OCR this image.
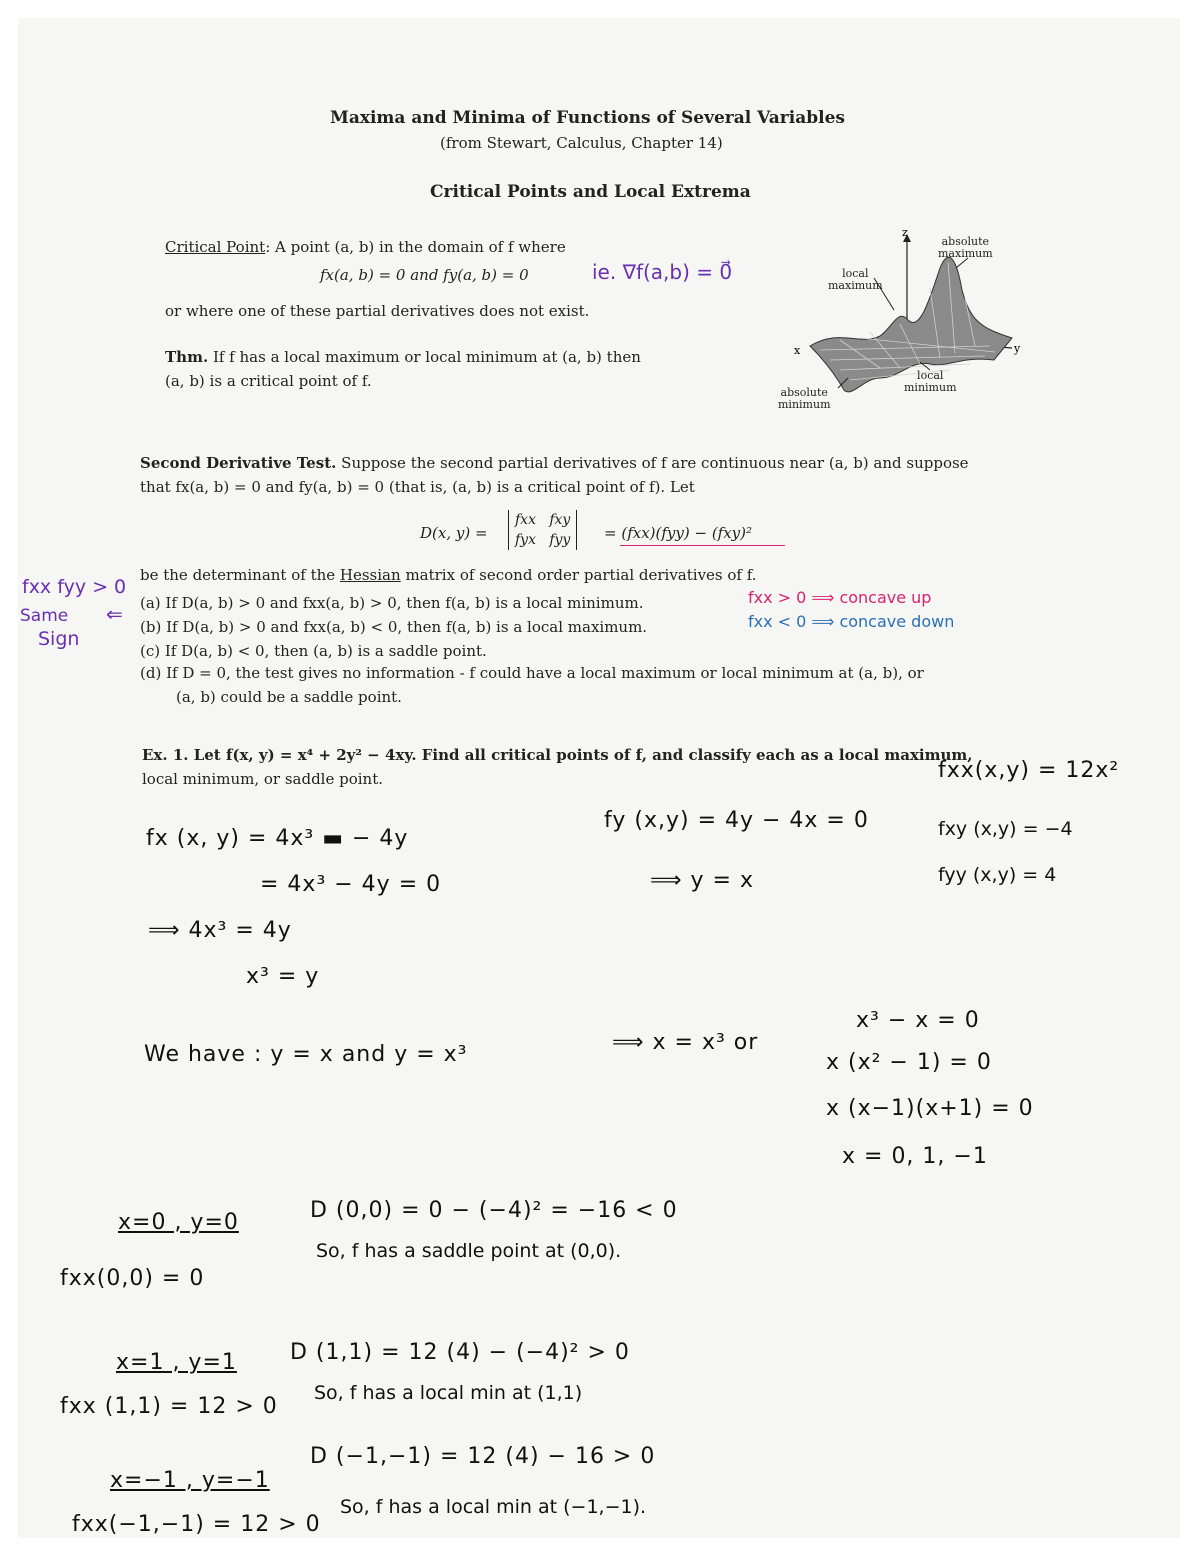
Maxima and Minima of Functions of Several Variables
(from Stewart, Calculus, Chapter 14)
Critical Points and Local Extrema
Critical Point: A point (a, b) in the domain of f where
fx(a, b) = 0 and fy(a, b) = 0	ie. ∇f(a,b) = 0⃗
or where one of these partial derivatives does not exist.
Thm. If f has a local maximum or local minimum at (a, b) then
(a, b) is a critical point of f.
z
x	y
absolute
maximum
local
maximum
absolute
minimum
local
minimum
Second Derivative Test. Suppose the second partial derivatives of f are continuous near (a, b) and suppose
that fx(a, b) = 0 and fy(a, b) = 0 (that is, (a, b) is a critical point of f). Let
D(x, y) =
fxx   fxy
fyx   fyy = (fxx)(fyy) − (fxy)²
be the determinant of the Hessian matrix of second order partial derivatives of f.
(a) If D(a, b) > 0 and fxx(a, b) > 0, then f(a, b) is a local minimum.
(b) If D(a, b) > 0 and fxx(a, b) < 0, then f(a, b) is a local maximum.
(c) If D(a, b) < 0, then (a, b) is a saddle point.
(d) If D = 0, the test gives no information - f could have a local maximum or local minimum at (a, b), or
(a, b) could be a saddle point.
fxx fyy > 0
Same
Sign
⇐
fxx > 0 ⟹ concave up
fxx < 0 ⟹ concave down
Ex. 1. Let f(x, y) = x⁴ + 2y² − 4xy. Find all critical points of f, and classify each as a local maximum,
local minimum, or saddle point.
fx (x, y) = 4x³ ▬ − 4y
= 4x³ − 4y = 0
⟹ 4x³ = 4y
x³ = y
fy (x,y) = 4y − 4x = 0
⟹ y = x
fxx(x,y) = 12x²
fxy (x,y) = −4
fyy (x,y) = 4
We have : y = x and y = x³	⟹ x = x³ or
x³ − x = 0
x (x² − 1) = 0
x (x−1)(x+1) = 0
x = 0, 1, −1
x=0 , y=0	D (0,0) = 0 − (−4)² = −16 < 0
fxx(0,0) = 0
So, f has a saddle point at (0,0).
x=1 , y=1 D (1,1) = 12 (4) − (−4)² > 0
fxx (1,1) = 12 > 0
So, f has a local min at (1,1)
x=−1 , y=−1
D (−1,−1) = 12 (4) − 16 > 0
fxx(−1,−1) = 12 > 0
So, f has a local min at (−1,−1).
